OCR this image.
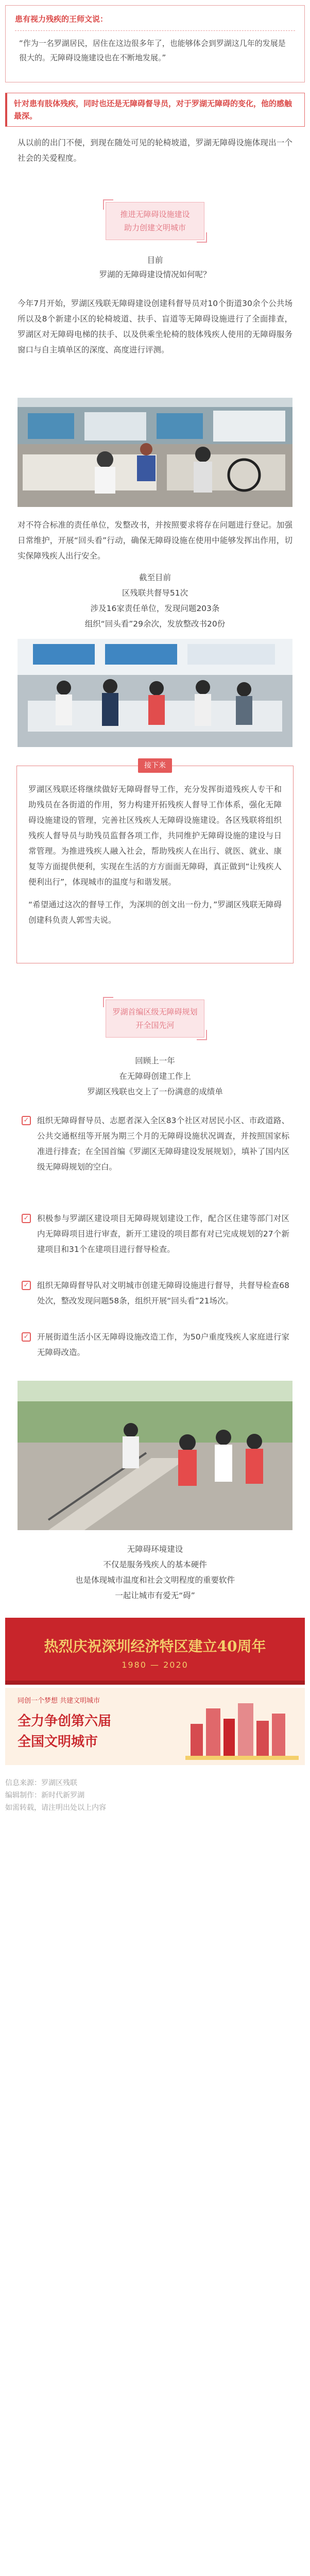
患有视力残疾的王师文说：
“作为一名罗湖居民，居住在这边很多年了，也能够体会到罗湖这几年的发展是很大的。无障碍设施建设也在不断地发展。”
针对患有肢体残疾，同时也还是无障碍督导员，对于罗湖无障碍的变化，他的感触最深。
从以前的出门不便，到现在随处可见的轮椅坡道，罗湖无障碍设施体现出一个社会的关爱程度。
推进无障碍设施建设
助力创建文明城市
目前
罗湖的无障碍建设情况如何呢？
今年7月开始，罗湖区残联无障碍建设创建科督导员对10个街道30余个公共场所以及8个新建小区的轮椅坡道、扶手、盲道等无障碍设施进行了全面排查，罗湖区对无障碍电梯的扶手、以及供乘坐轮椅的肢体残疾人使用的无障碍服务窗口与自主填单区的深度、高度进行评测。
对不符合标准的责任单位，发整改书，并按照要求将存在问题进行登记。加强日常维护，开展“回头看”行动，确保无障碍设施在使用中能够发挥出作用，切实保障残疾人出行安全。
截至目前
区残联共督导51次
涉及16家责任单位，发现问题203条
组织“回头看”29余次，发放整改书20份
罗湖区残联还将继续做好无障碍督导工作，充分发挥街道残疾人专干和助残员在各街道的作用，努力构建开拓残疾人督导工作体系，强化无障碍设施建设的管理，完善社区残疾人无障碍设施建设。各区残联将组织残疾人督导员与助残员监督各项工作，共同维护无障碍设施的建设与日常管理。为推进残疾人融入社会，帮助残疾人在出行、就医、就业、康复等方面提供便利，实现在生活的方方面面无障碍，真正做到“让残疾人便利出行”，体现城市的温度与和谐发展。
“希望通过这次的督导工作，为深圳的创文出一份力，”罗湖区残联无障碍创建科负责人郭雪夫说。
接下来
罗湖首编区级无障碍规划
开全国先河
回顾上一年
在无障碍创建工作上
罗湖区残联也交上了一份满意的成绩单
✓ 组织无障碍督导员、志愿者深入全区83个社区对居民小区、市政道路、公共交通枢纽等开展为期三个月的无障碍设施状况调查，并按照国家标准进行排查；在全国首编《罗湖区无障碍建设发展规划》，填补了国内区级无障碍规划的空白。
✓ 积极参与罗湖区建设项目无障碍规划建设工作，配合区住建等部门对区内无障碍项目进行审查，新开工建设的项目都有对已完成规划的27个新建项目和31个在建项目进行督导检查。
✓ 组织无障碍督导队对文明城市创建无障碍设施进行督导，共督导检查68处次，整改发现问题58条，组织开展“回头看”21场次。
✓ 开展街道生活小区无障碍设施改造工作，为50户重度残疾人家庭进行家无障碍改造。
无障碍环境建设
不仅是服务残疾人的基本硬件
也是体现城市温度和社会文明程度的重要软件
一起让城市有爱无“碍”
热烈庆祝深圳经济特区建立40周年
1980 — 2020
同创一个梦想 共建文明城市
全力争创第六届
全国文明城市
信息来源：罗湖区残联
编辑制作：新时代新罗湖
如需转载，请注明出处以上内容
